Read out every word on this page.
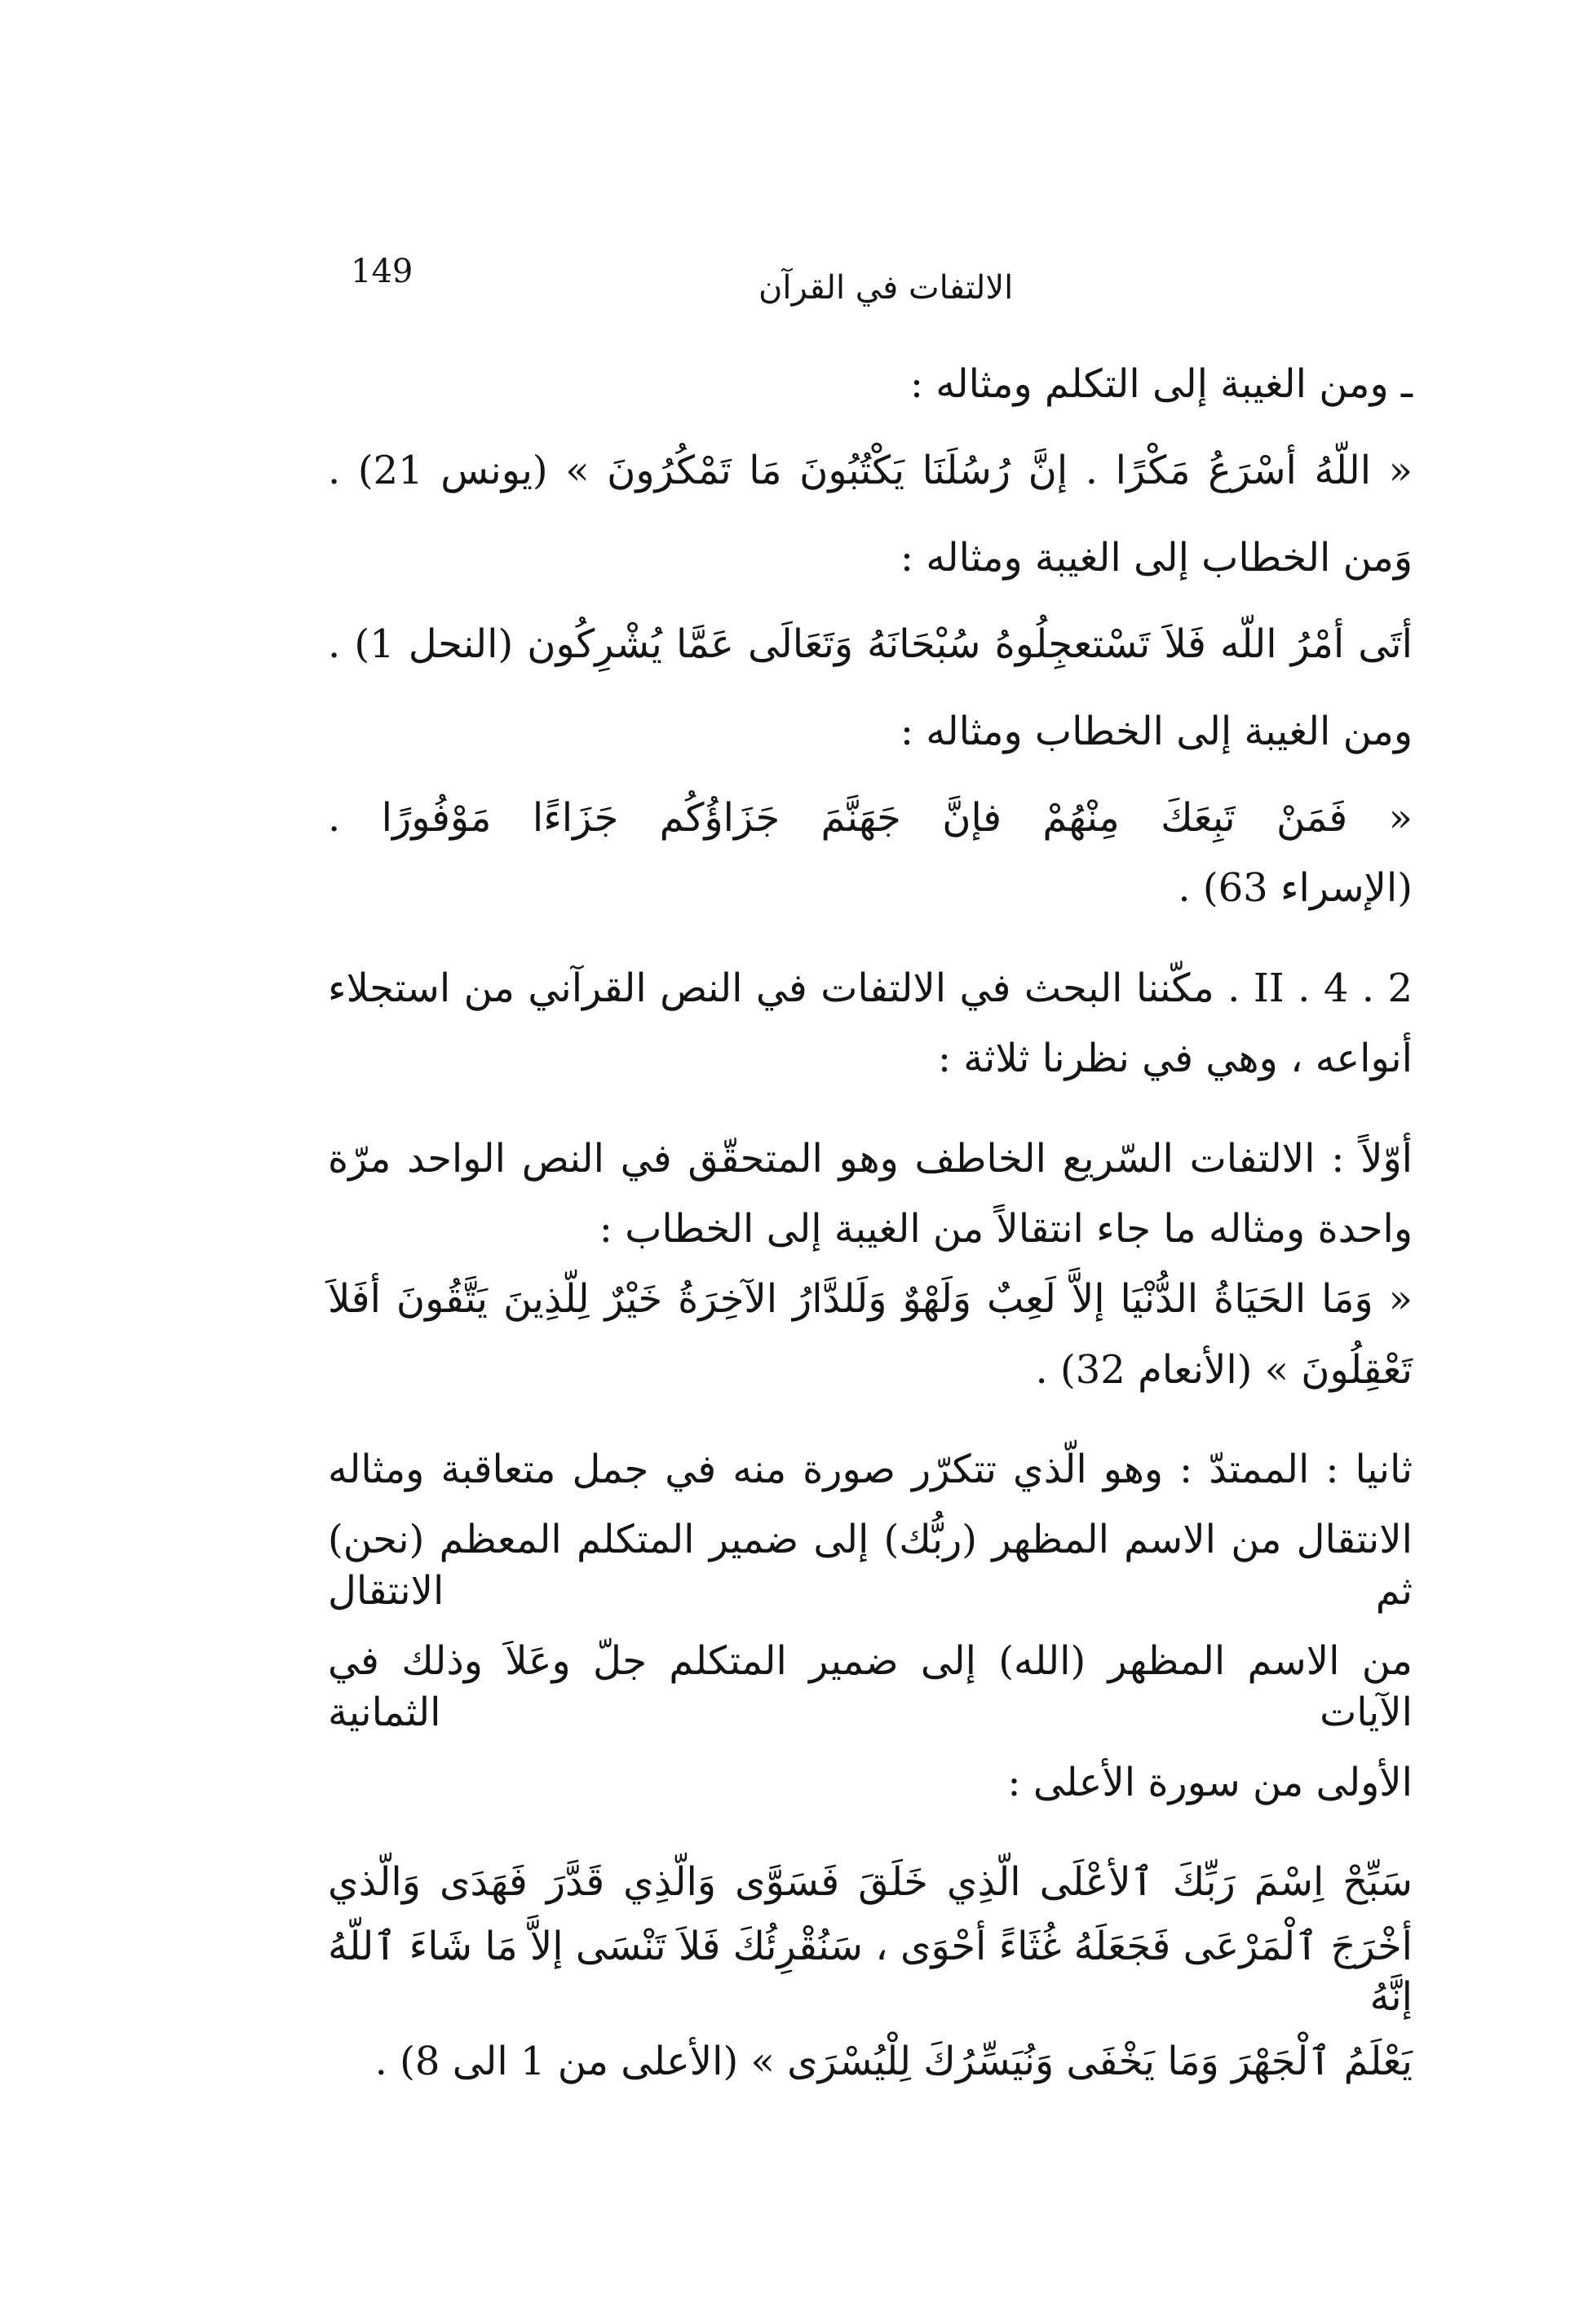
149	الالتفات في القرآن

ـ ومن الغيبة إلى التكلم ومثاله :

« اللّهُ أسْرَعُ مَكْرًا . إنَّ رُسُلَنَا يَكْتُبُونَ مَا تَمْكُرُونَ » (يونس 21) .

وَمن الخطاب إلى الغيبة ومثاله :

أتَى أمْرُ اللّه فَلاَ تَسْتعجِلُوهُ سُبْحَانَهُ وَتَعَالَى عَمَّا يُشْرِكُون (النحل 1) .

ومن الغيبة إلى الخطاب ومثاله :

« فَمَنْ تَبِعَكَ مِنْهُمْ فإنَّ جَهَنَّمَ جَزَاؤُكُم جَزَاءًا مَوْفُورًا .

(الإسراء 63) .

II . 4 . 2 . مكّننا البحث في الالتفات في النص القرآني من استجلاء

أنواعه ، وهي في نظرنا ثلاثة :

أوّلاً : الالتفات السّريع الخاطف وهو المتحقّق في النص الواحد مرّة

واحدة ومثاله ما جاء انتقالاً من الغيبة إلى الخطاب :

« وَمَا الحَيَاةُ الدُّنْيَا إلاَّ لَعِبٌ وَلَهْوٌ وَلَلدَّارُ الآخِرَةُ خَيْرٌ لِلّذِينَ يَتَّقُونَ أفَلاَ

تَعْقِلُونَ » (الأنعام 32) .

ثانيا : الممتدّ : وهو الّذي تتكرّر صورة منه في جمل متعاقبة ومثاله

الانتقال من الاسم المظهر (ربُّك) إلى ضمير المتكلم المعظم (نحن) ثم الانتقال

من الاسم المظهر (الله) إلى ضمير المتكلم جلّ وعَلاَ وذلك في الآيات الثمانية

الأولى من سورة الأعلى :

سَبِّحْ اِسْمَ رَبِّكَ ٱلأعْلَى الّذِي خَلَقَ فَسَوَّى وَالّذِي قَدَّرَ فَهَدَى وَالّذي

أخْرَجَ ٱلْمَرْعَى فَجَعَلَهُ غُثَاءً أحْوَى ، سَنُقْرِئُكَ فَلاَ تَنْسَى إلاَّ مَا شَاءَ ٱللّهُ إنَّهُ

يَعْلَمُ ٱلْجَهْرَ وَمَا يَخْفَى وَنُيَسِّرُكَ لِلْيُسْرَى » (الأعلى من 1 الى 8) .
